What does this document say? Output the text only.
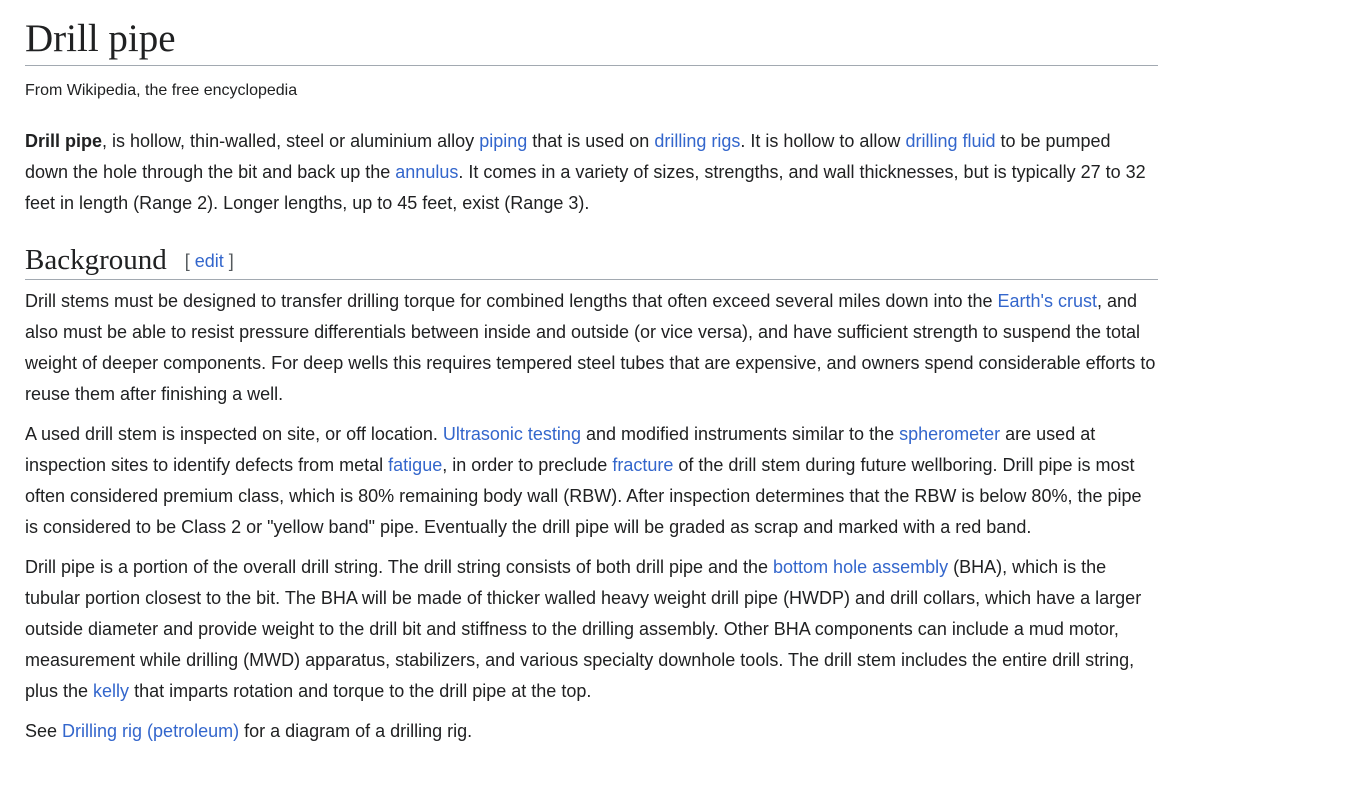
Drill pipe
From Wikipedia, the free encyclopedia

Drill pipe, is hollow, thin-walled, steel or aluminium alloy piping that is used on drilling rigs. It is hollow to allow drilling fluid to be pumped down the hole through the bit and back up the annulus. It comes in a variety of sizes, strengths, and wall thicknesses, but is typically 27 to 32 feet in length (Range 2). Longer lengths, up to 45 feet, exist (Range 3).

Background [ edit ]

Drill stems must be designed to transfer drilling torque for combined lengths that often exceed several miles down into the Earth's crust, and also must be able to resist pressure differentials between inside and outside (or vice versa), and have sufficient strength to suspend the total weight of deeper components. For deep wells this requires tempered steel tubes that are expensive, and owners spend considerable efforts to reuse them after finishing a well.

A used drill stem is inspected on site, or off location. Ultrasonic testing and modified instruments similar to the spherometer are used at inspection sites to identify defects from metal fatigue, in order to preclude fracture of the drill stem during future wellboring. Drill pipe is most often considered premium class, which is 80% remaining body wall (RBW). After inspection determines that the RBW is below 80%, the pipe is considered to be Class 2 or "yellow band" pipe. Eventually the drill pipe will be graded as scrap and marked with a red band.

Drill pipe is a portion of the overall drill string. The drill string consists of both drill pipe and the bottom hole assembly (BHA), which is the tubular portion closest to the bit. The BHA will be made of thicker walled heavy weight drill pipe (HWDP) and drill collars, which have a larger outside diameter and provide weight to the drill bit and stiffness to the drilling assembly. Other BHA components can include a mud motor, measurement while drilling (MWD) apparatus, stabilizers, and various specialty downhole tools. The drill stem includes the entire drill string, plus the kelly that imparts rotation and torque to the drill pipe at the top.

See Drilling rig (petroleum) for a diagram of a drilling rig.
